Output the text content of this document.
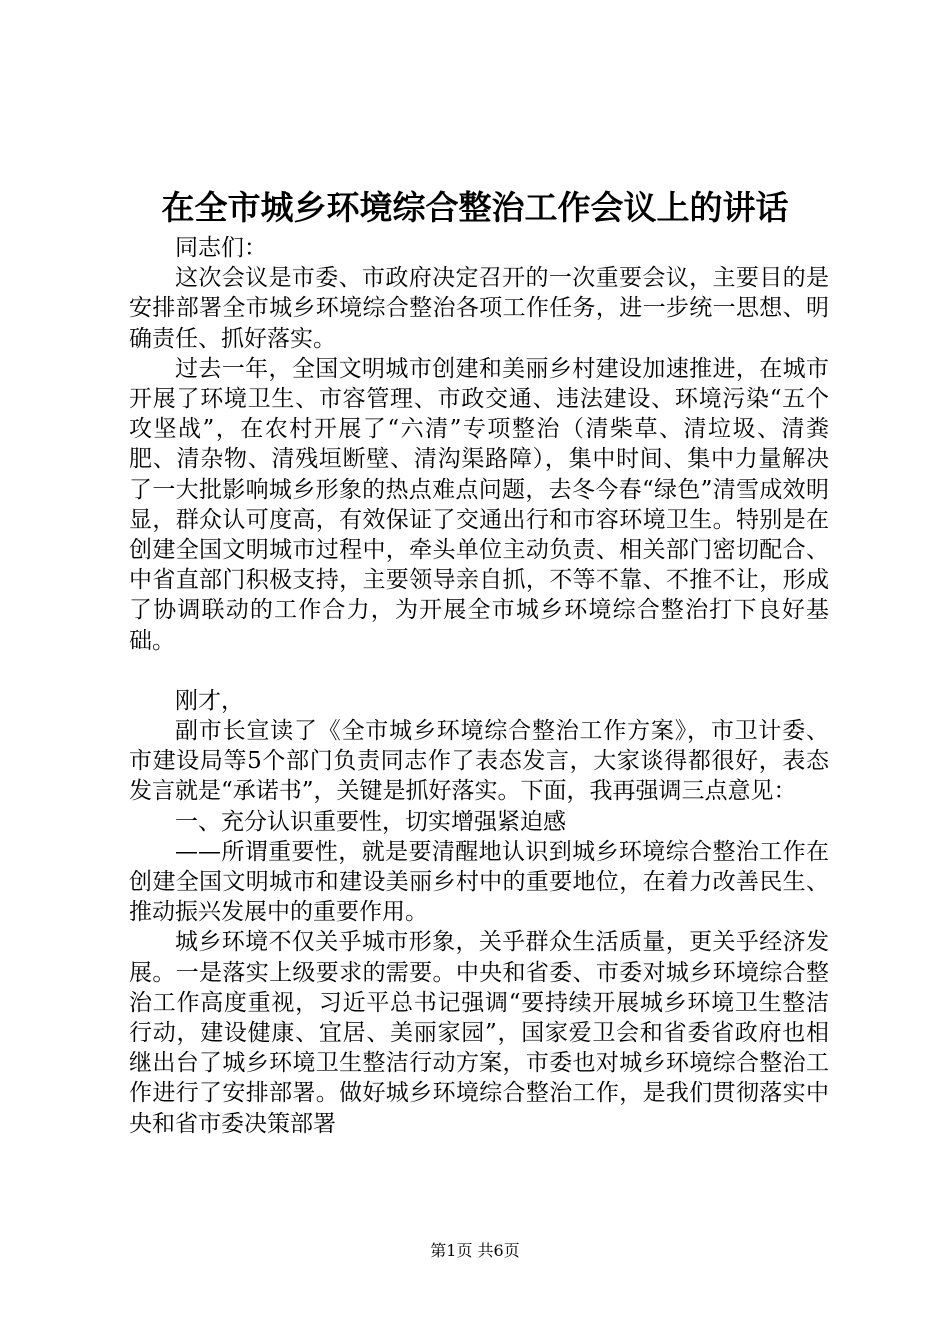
在全市城乡环境综合整治工作会议上的讲话

同志们：

这次会议是市委、市政府决定召开的一次重要会议，主要目的是安排部署全市城乡环境综合整治各项工作任务，进一步统一思想、明确责任、抓好落实。

过去一年，全国文明城市创建和美丽乡村建设加速推进，在城市开展了环境卫生、市容管理、市政交通、违法建设、环境污染“五个攻坚战”，在农村开展了“六清”专项整治（清柴草、清垃圾、清粪肥、清杂物、清残垣断壁、清沟渠路障），集中时间、集中力量解决了一大批影响城乡形象的热点难点问题，去冬今春“绿色”清雪成效明显，群众认可度高，有效保证了交通出行和市容环境卫生。特别是在创建全国文明城市过程中，牵头单位主动负责、相关部门密切配合、中省直部门积极支持，主要领导亲自抓，不等不靠、不推不让，形成了协调联动的工作合力，为开展全市城乡环境综合整治打下良好基础。

刚才，

副市长宣读了《全市城乡环境综合整治工作方案》，市卫计委、市建设局等5个部门负责同志作了表态发言，大家谈得都很好，表态发言就是“承诺书”，关键是抓好落实。下面，我再强调三点意见：

一、充分认识重要性，切实增强紧迫感

——所谓重要性，就是要清醒地认识到城乡环境综合整治工作在创建全国文明城市和建设美丽乡村中的重要地位，在着力改善民生、推动振兴发展中的重要作用。

城乡环境不仅关乎城市形象，关乎群众生活质量，更关乎经济发展。一是落实上级要求的需要。中央和省委、市委对城乡环境综合整治工作高度重视，习近平总书记强调“要持续开展城乡环境卫生整洁行动，建设健康、宜居、美丽家园”，国家爱卫会和省委省政府也相继出台了城乡环境卫生整洁行动方案，市委也对城乡环境综合整治工作进行了安排部署。做好城乡环境综合整治工作，是我们贯彻落实中央和省市委决策部署

第1页 共6页
